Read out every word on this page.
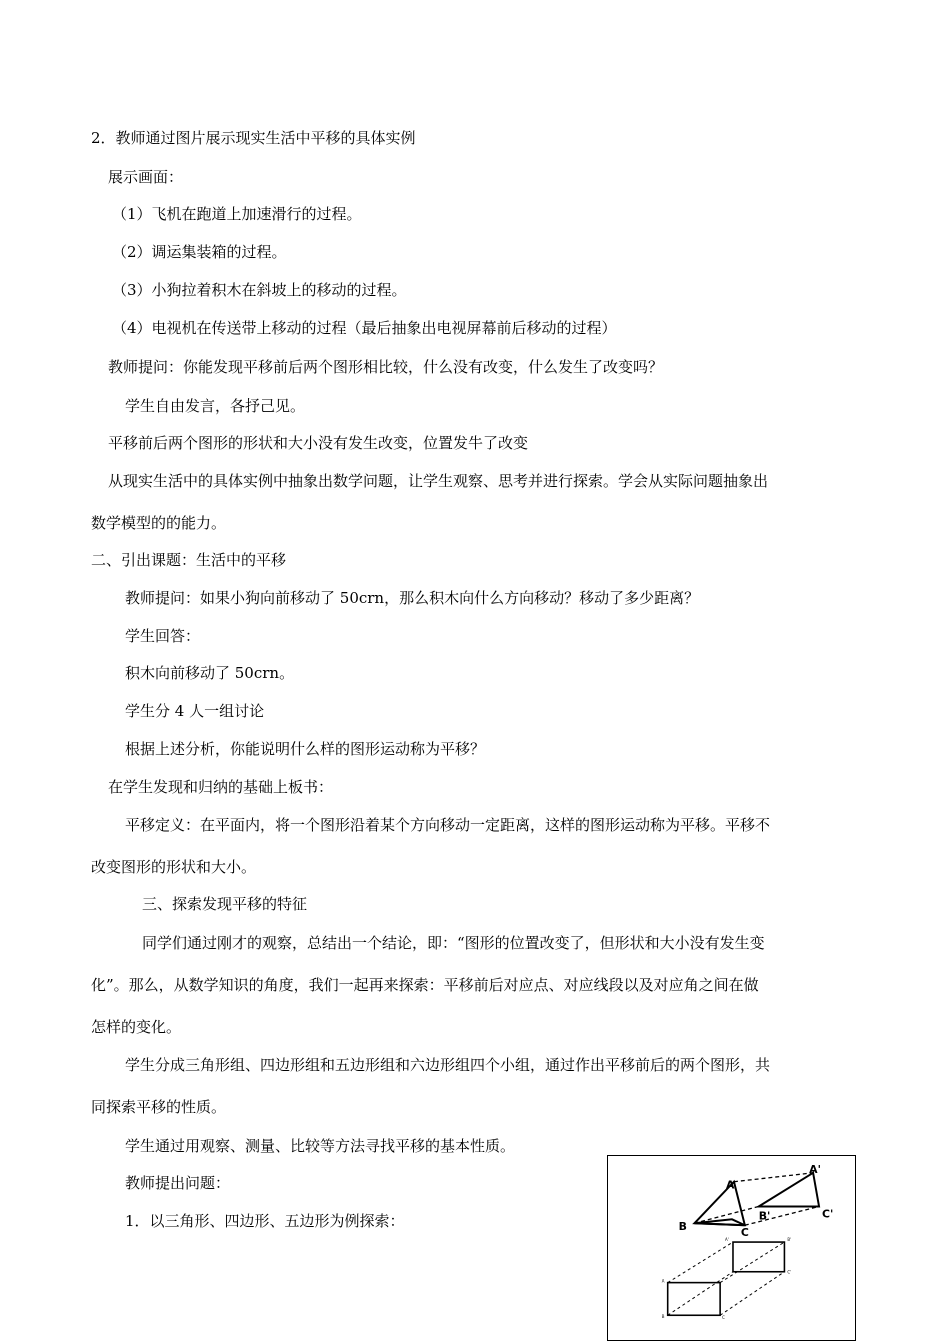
2．教师通过图片展示现实生活中平移的具体实例
展示画面：
（1）飞机在跑道上加速滑行的过程。
（2）调运集装箱的过程。
（3）小狗拉着积木在斜坡上的移动的过程。
（4）电视机在传送带上移动的过程（最后抽象出电视屏幕前后移动的过程）
教师提问：你能发现平移前后两个图形相比较，什么没有改变，什么发生了改变吗？
学生自由发言，各抒己见。
平移前后两个图形的形状和大小没有发生改变，位置发牛了改变
从现实生活中的具体实例中抽象出数学问题，让学生观察、思考并进行探索。学会从实际问题抽象出
数学模型的的能力。
二、引出课题：生活中的平移
教师提问：如果小狗向前移动了 50crn，那么积木向什么方向移动？移动了多少距离？
学生回答：
积木向前移动了 50crn。
学生分 4 人一组讨论
根据上述分析，你能说明什么样的图形运动称为平移？
在学生发现和归纳的基础上板书：
平移定义：在平面内，将一个图形沿着某个方向移动一定距离，这样的图形运动称为平移。平移不
改变图形的形状和大小。
三、探索发现平移的特征
同学们通过刚才的观察，总结出一个结论，即：“图形的位置改变了，但形状和大小没有发生变
化”。那么，从数学知识的角度，我们一起再来探索：平移前后对应点、对应线段以及对应角之间在做
怎样的变化。
学生分成三角形组、四边形组和五边形组和六边形组四个小组，通过作出平移前后的两个图形，共
同探索平移的性质。
学生通过用观察、测量、比较等方法寻找平移的基本性质。
教师提出问题：
1．以三角形、四边形、五边形为例探索：
A
A'
B
B'
C
C'
A'	B'
A
B
C'
C
